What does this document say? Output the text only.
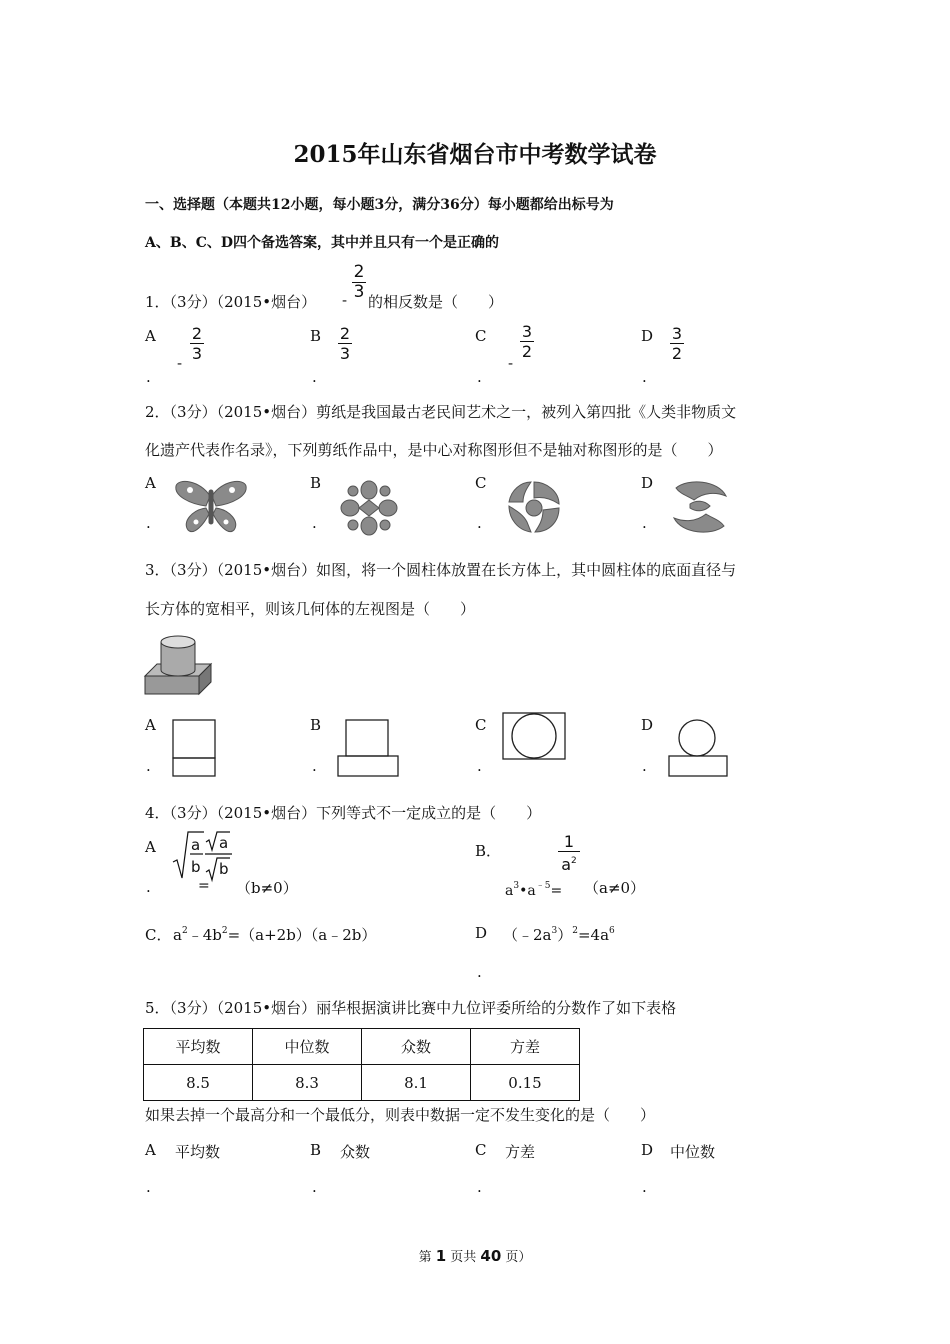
2015年山东省烟台市中考数学试卷
一、选择题（本题共12小题，每小题3分，满分36分）每小题都给出标号为
A、B、C、D四个备选答案，其中并且只有一个是正确的
1．（3分）（2015•烟台） - $\frac{2}{3}$
的相反数是（　　）
A
-
$\frac{2}{3}$	B $\frac{2}{3}$	C
-
$\frac{3}{2}$	D $\frac{3}{2}$
.	.	.	.
2．（3分）（2015•烟台）剪纸是我国最古老民间艺术之一，被列入第四批《人类非物质文
化遗产代表作名录》，下列剪纸作品中，是中心对称图形但不是轴对称图形的是（　　）
A	B	C	D
.	.	.	.
3．（3分）（2015•烟台）如图，将一个圆柱体放置在长方体上，其中圆柱体的底面直径与
长方体的宽相平，则该几何体的左视图是（　　）
A	B	C	D
.	.	.	.
4．（3分）（2015•烟台）下列等式不一定成立的是（　　）
A a
b
a
b
= （b≠0）
B．	$\frac{1}{a^2}$
$a^3•a^{﹣5}= (a\ne 0)$
C． $a^2﹣4b^2=(a+2b)(a﹣2b)$	D $(﹣2a^3)^2=4a^6$
.
.
5．（3分）（2015•烟台）丽华根据演讲比赛中九位评委所给的分数作了如下表格
平均数	中位数	众数	方差
8.5	8.3	8.1	0.15
如果去掉一个最高分和一个最低分，则表中数据一定不发生变化的是（　　）
A 平均数	B 众数	C 方差	D 中位数
.	.	.	.
第 1 页共 40 页）
